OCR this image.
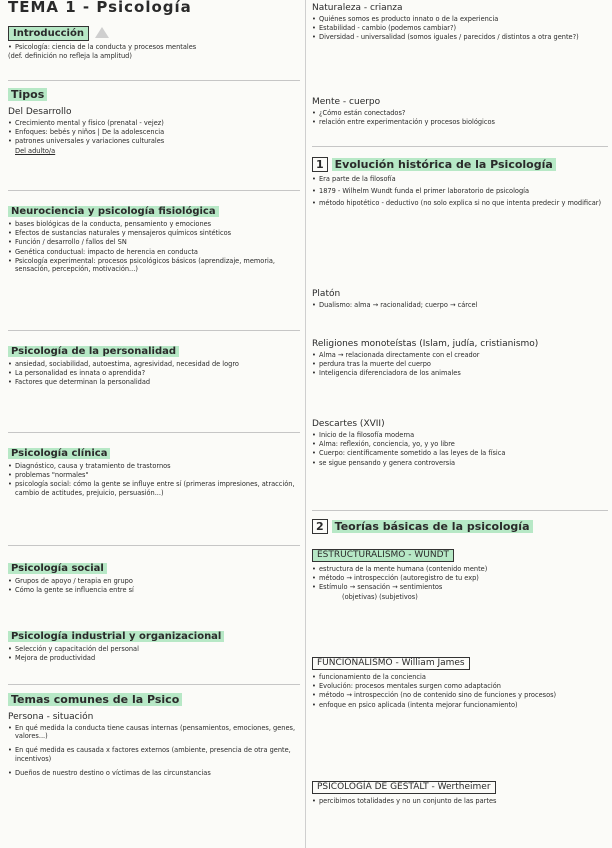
TEMA 1 - Psicología
Introducción
• Psicología: ciencia de la conducta y procesos mentales

(def. definición no refleja la amplitud)

Tipos
Del Desarrollo
• Crecimiento mental y físico (prenatal - vejez)
• Enfoques: bebés y niños | De la adolescencia
• patrones universales y variaciones culturales

Del adulto/a

Neurociencia y psicología fisiológica
• bases biológicas de la conducta, pensamiento y emociones
• Efectos de sustancias naturales y mensajeros químicos sintéticos
• Función / desarrollo / fallos del SN
• Genética conductual: impacto de herencia en conducta
• Psicología experimental: procesos psicológicos básicos (aprendizaje, memoria, sensación, percepción, motivación...)
Psicología de la personalidad
• ansiedad, sociabilidad, autoestima, agresividad, necesidad de logro
• La personalidad es innata o aprendida?
• Factores que determinan la personalidad
Psicología clínica
• Diagnóstico, causa y tratamiento de trastornos
• problemas "normales"
• psicología social: cómo la gente se influye entre sí (primeras impresiones, atracción, cambio de actitudes, prejuicio, persuasión...)
Psicología social
• Grupos de apoyo / terapia en grupo
• Cómo la gente se influencia entre sí
Psicología industrial y organizacional
• Selección y capacitación del personal
• Mejora de productividad
Temas comunes de la Psico
Persona - situación
• En qué medida la conducta tiene causas internas (pensamientos, emociones, genes, valores...)
• En qué medida es causada x factores externos (ambiente, presencia de otra gente, incentivos)
• Dueños de nuestro destino o víctimas de las circunstancias
Naturaleza - crianza
• Quiénes somos es producto innato o de la experiencia
• Estabilidad - cambio (podemos cambiar?)
• Diversidad - universalidad (somos iguales / parecidos / distintos a otra gente?)
Mente - cuerpo
• ¿Cómo están conectados?
• relación entre experimentación y procesos biológicos
1 Evolución histórica de la Psicología
• Era parte de la filosofía
• 1879 - Wilhelm Wundt funda el primer laboratorio de psicología
• método hipotético - deductivo (no solo explica si no que intenta predecir y modificar)
Platón
• Dualismo: alma → racionalidad; cuerpo → cárcel
Religiones monoteístas (Islam, judía, cristianismo)
• Alma → relacionada directamente con el creador
• perdura tras la muerte del cuerpo
• Inteligencia diferenciadora de los animales
Descartes (XVII)
• Inicio de la filosofía moderna
• Alma: reflexión, conciencia, yo, y yo libre
• Cuerpo: científicamente sometido a las leyes de la física
• se sigue pensando y genera controversia
2 Teorías básicas de la psicología
ESTRUCTURALISMO - WUNDT
• estructura de la mente humana (contenido mente)
• método → introspección (autoregistro de tu exp)
• Estímulo → sensación → sentimientos

(objetivas) (subjetivos)

FUNCIONALISMO - William James
• funcionamiento de la conciencia
• Evolución: procesos mentales surgen como adaptación
• método → introspección (no de contenido sino de funciones y procesos)
• enfoque en psico aplicada (intenta mejorar funcionamiento)
PSICOLOGÍA DE GESTALT - Wertheimer
• percibimos totalidades y no un conjunto de las partes
